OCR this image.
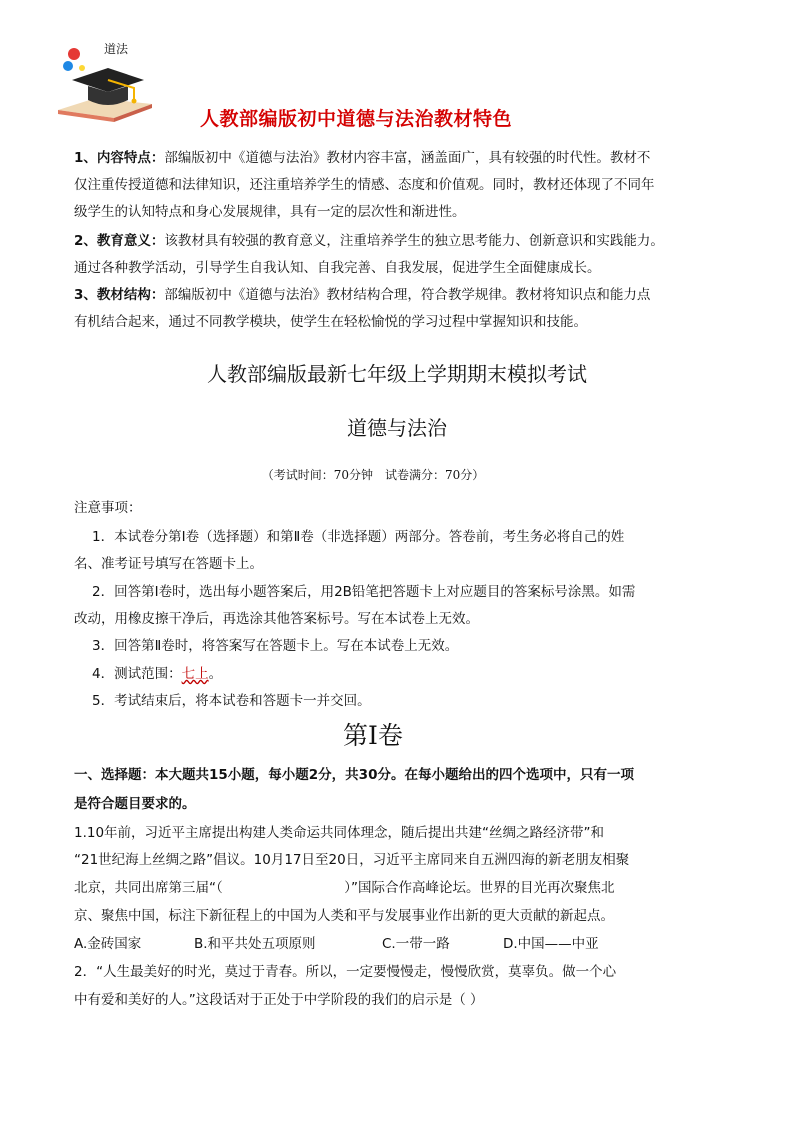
道法
人教部编版初中道德与法治教材特色
1、内容特点：部编版初中《道德与法治》教材内容丰富，涵盖面广，具有较强的时代性。教材不
仅注重传授道德和法律知识，还注重培养学生的情感、态度和价值观。同时，教材还体现了不同年
级学生的认知特点和身心发展规律，具有一定的层次性和渐进性。
2、教育意义：该教材具有较强的教育意义，注重培养学生的独立思考能力、创新意识和实践能力。
通过各种教学活动，引导学生自我认知、自我完善、自我发展，促进学生全面健康成长。
3、教材结构：部编版初中《道德与法治》教材结构合理，符合教学规律。教材将知识点和能力点
有机结合起来，通过不同教学模块，使学生在轻松愉悦的学习过程中掌握知识和技能。
人教部编版最新七年级上学期期末模拟考试
道德与法治
（考试时间：70分钟　试卷满分：70分）
注意事项：
1．本试卷分第Ⅰ卷（选择题）和第Ⅱ卷（非选择题）两部分。答卷前，考生务必将自己的姓
名、准考证号填写在答题卡上。
2．回答第Ⅰ卷时，选出每小题答案后，用2B铅笔把答题卡上对应题目的答案标号涂黑。如需
改动，用橡皮擦干净后，再选涂其他答案标号。写在本试卷上无效。
3．回答第Ⅱ卷时，将答案写在答题卡上。写在本试卷上无效。
4．测试范围：七上。
5．考试结束后，将本试卷和答题卡一并交回。
第Ⅰ卷
一、选择题：本大题共15小题，每小题2分，共30分。在每小题给出的四个选项中，只有一项
是符合题目要求的。
1.10年前，习近平主席提出构建人类命运共同体理念，随后提出共建“丝绸之路经济带”和
“21世纪海上丝绸之路”倡议。10月17日至20日，习近平主席同来自五洲四海的新老朋友相聚
北京，共同出席第三届“（　　　　　　　　　）”国际合作高峰论坛。世界的目光再次聚焦北
京、聚焦中国，标注下新征程上的中国为人类和平与发展事业作出新的更大贡献的新起点。
A.金砖国家	B.和平共处五项原则	C.一带一路	D.中国——中亚
2．“人生最美好的时光，莫过于青春。所以，一定要慢慢走，慢慢欣赏，莫辜负。做一个心
中有爱和美好的人。”这段话对于正处于中学阶段的我们的启示是（ ）
